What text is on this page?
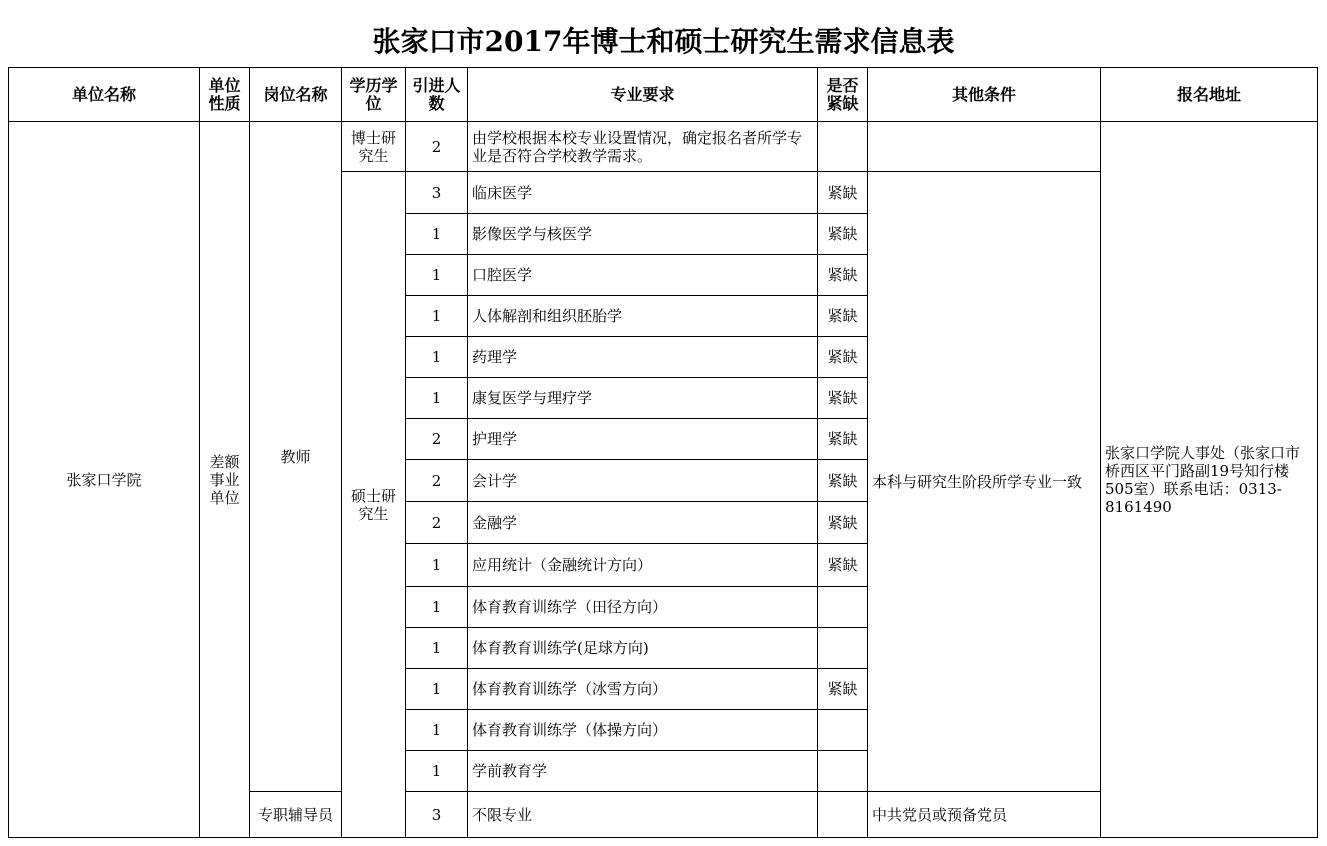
张家口市2017年博士和硕士研究生需求信息表
单位名称	单位性质	岗位名称	学历学位	引进人数	专业要求	是否紧缺	其他条件	报名地址
张家口学院	差额事业单位	教师	博士研究生	2	由学校根据本校专业设置情况，确定报名者所学专业是否符合学校教学需求。			张家口学院人事处（张家口市桥西区平门路副19号知行楼505室）联系电话：0313-8161490
			硕士研究生	3	临床医学	紧缺	本科与研究生阶段所学专业一致	
				1	影像医学与核医学	紧缺		
				1	口腔医学	紧缺		
				1	人体解剖和组织胚胎学	紧缺		
				1	药理学	紧缺		
				1	康复医学与理疗学	紧缺		
				2	护理学	紧缺		
				2	会计学	紧缺		
				2	金融学	紧缺		
				1	应用统计（金融统计方向）	紧缺		
				1	体育教育训练学（田径方向）			
				1	体育教育训练学(足球方向)			
				1	体育教育训练学（冰雪方向）	紧缺		
				1	体育教育训练学（体操方向）			
				1	学前教育学			
		专职辅导员		3	不限专业		中共党员或预备党员	
